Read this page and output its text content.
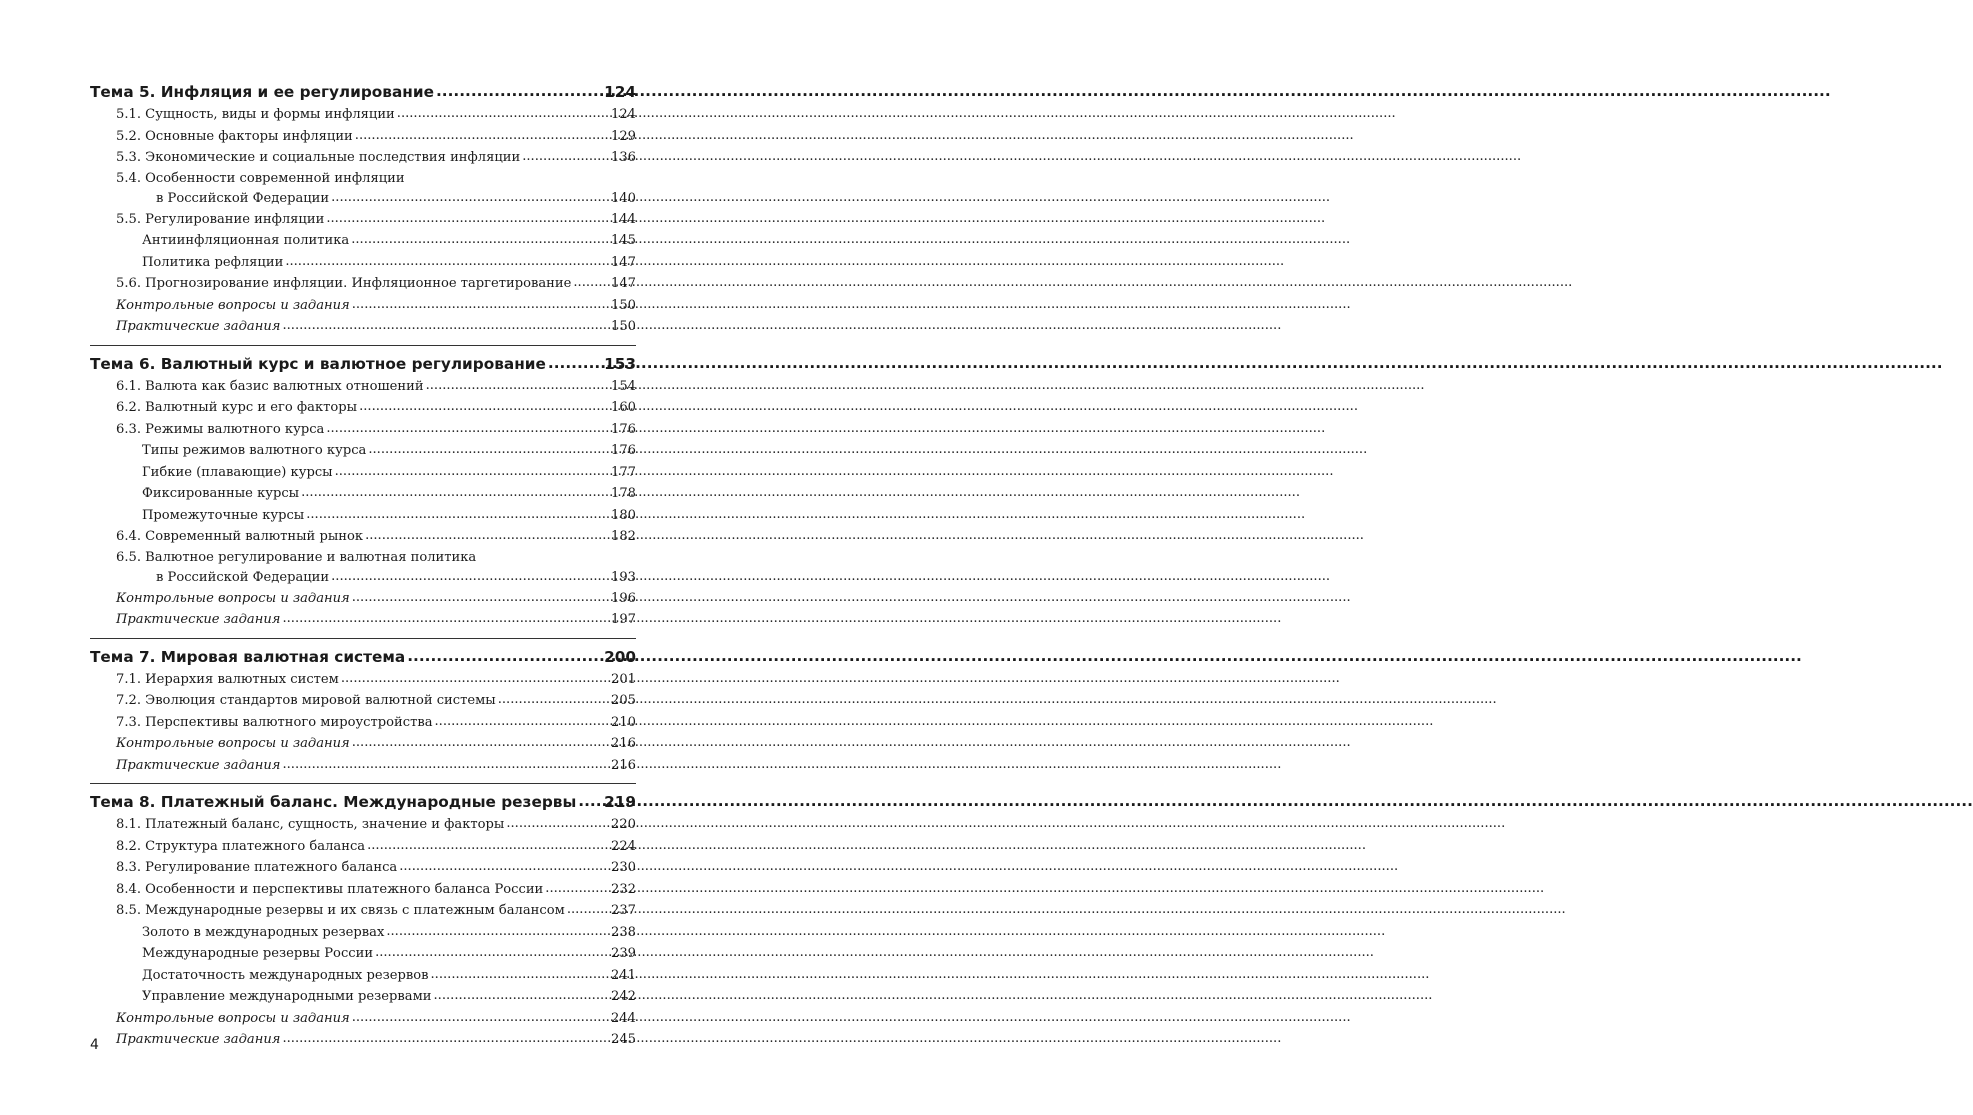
Тема 5. Инфляция и ее регулирование .....	124
5.1. Сущность, виды и формы инфляции .....	124
5.2. Основные факторы инфляции .....	129
5.3. Экономические и социальные последствия инфляции .....	136
5.4. Особенности современной инфляции
в Российской Федерации .....	140
5.5. Регулирование инфляции .....	144
Антиинфляционная политика .....	145
Политика рефляции .....	147
5.6. Прогнозирование инфляции. Инфляционное таргетирование .....	147
Контрольные вопросы и задания .....	150
Практические задания .....	150
Тема 6. Валютный курс и валютное регулирование .....	153
6.1. Валюта как базис валютных отношений .....	154
6.2. Валютный курс и его факторы .....	160
6.3. Режимы валютного курса .....	176
Типы режимов валютного курса .....	176
Гибкие (плавающие) курсы .....	177
Фиксированные курсы .....	178
Промежуточные курсы .....	180
6.4. Современный валютный рынок .....	182
6.5. Валютное регулирование и валютная политика
в Российской Федерации .....	193
Контрольные вопросы и задания .....	196
Практические задания .....	197
Тема 7. Мировая валютная система .....	200
7.1. Иерархия валютных систем .....	201
7.2. Эволюция стандартов мировой валютной системы .....	205
7.3. Перспективы валютного мироустройства .....	210
Контрольные вопросы и задания .....	216
Практические задания .....	216
Тема 8. Платежный баланс. Международные резервы ..... 219
8.1. Платежный баланс, сущность, значение и факторы .....	220
8.2. Структура платежного баланса .....	224
8.3. Регулирование платежного баланса .....	230
8.4. Особенности и перспективы платежного баланса России .....	232
8.5. Международные резервы и их связь с платежным балансом .....	237
Золото в международных резервах .....	238
Международные резервы России .....	239
Достаточность международных резервов .....	241
Управление международными резервами .....	242
Контрольные вопросы и задания .....	244
Практические задания .....	245
4
